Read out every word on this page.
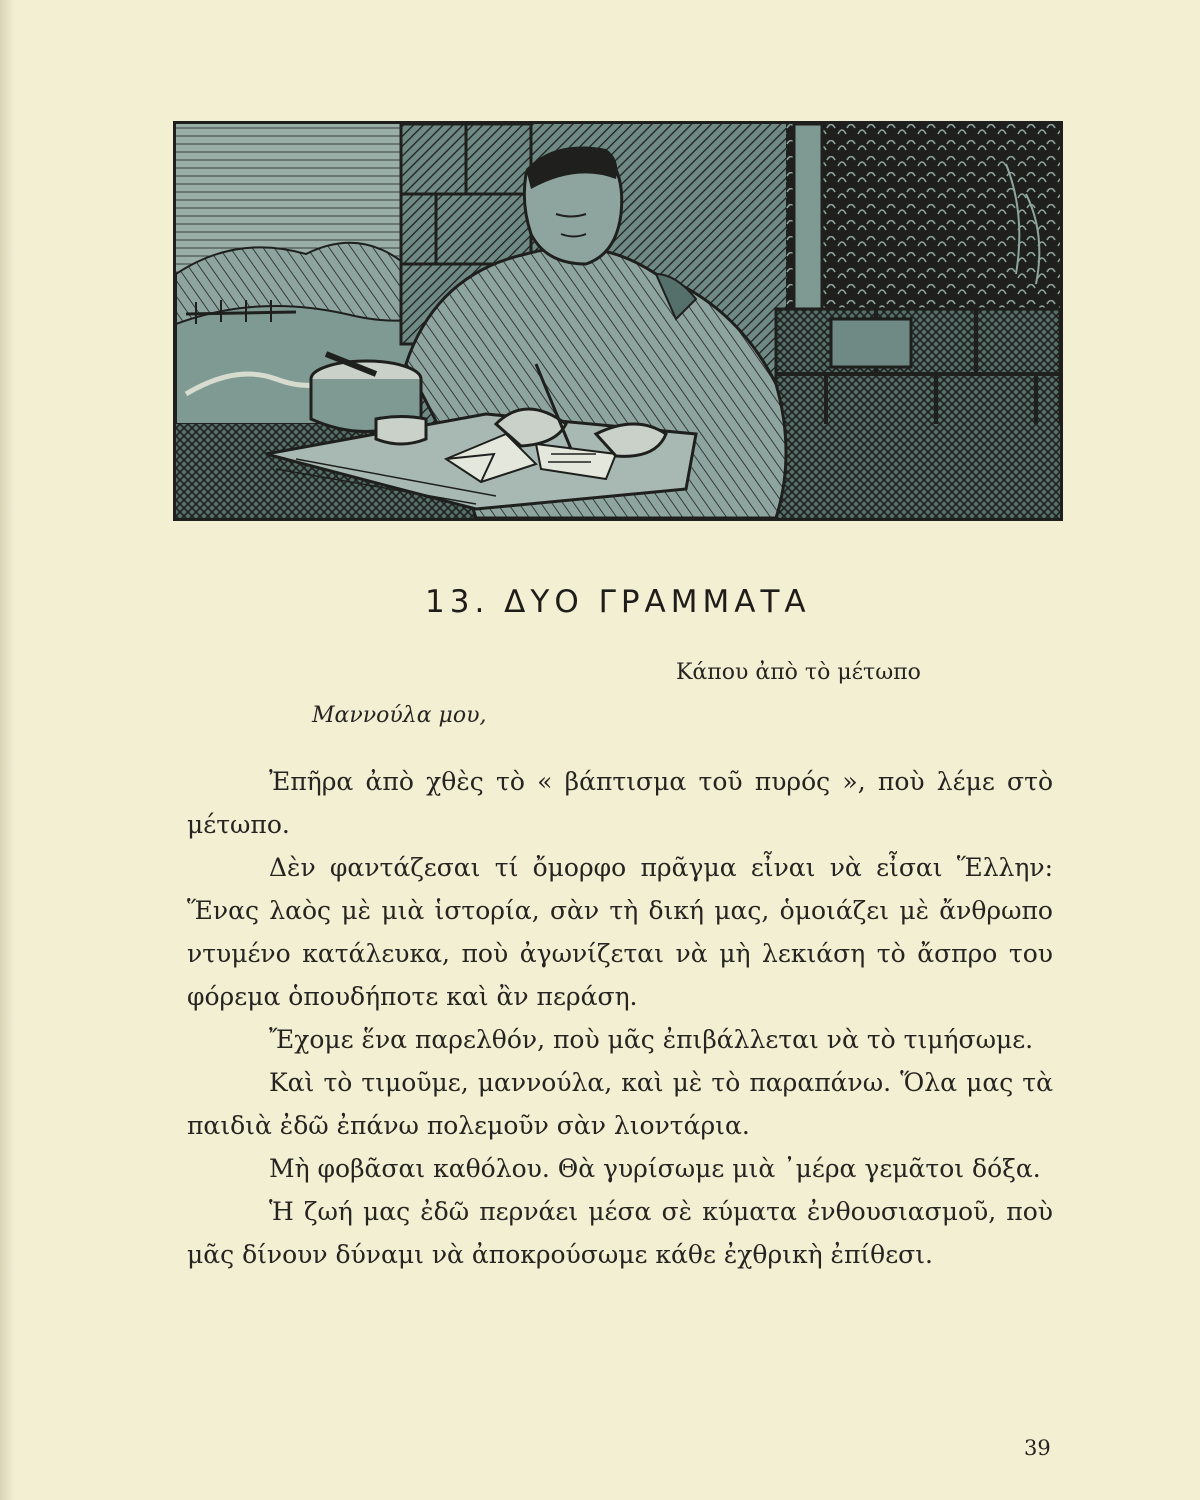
13. ΔΥΟ ΓΡΑΜΜΑΤΑ
Κάπου ἀπὸ τὸ μέτωπο
Μαννούλα μου,

Ἐπῆρα ἀπὸ χθὲς τὸ « βάπτισμα τοῦ πυρός », ποὺ λέμε στὸ μέτωπο.

Δὲν φαντάζεσαι τί ὄμορφο πρᾶγμα εἶναι νὰ εἶσαι Ἕλλην: Ἕνας λαὸς μὲ μιὰ ἱστορία, σὰν τὴ δική μας, ὁμοιάζει μὲ ἄνθρωπο ντυμένο κατάλευκα, ποὺ ἀγωνίζεται νὰ μὴ λεκιάση τὸ ἄσπρο του φόρεμα ὁπουδήποτε καὶ ἂν περάση.

Ἔχομε ἕνα παρελθόν, ποὺ μᾶς ἐπιβάλλεται νὰ τὸ τιμήσωμε.

Καὶ τὸ τιμοῦμε, μαννούλα, καὶ μὲ τὸ παραπάνω. Ὅλα μας τὰ παιδιὰ ἐδῶ ἐπάνω πολεμοῦν σὰν λιοντάρια.

Μὴ φοβᾶσαι καθόλου. Θὰ γυρίσωμε μιὰ ᾿μέρα γεμᾶτοι δόξα.

Ἡ ζωή μας ἐδῶ περνάει μέσα σὲ κύματα ἐνθουσιασμοῦ, ποὺ μᾶς δίνουν δύναμι νὰ ἀποκρούσωμε κάθε ἐχθρικὴ ἐπίθεσι.

39
